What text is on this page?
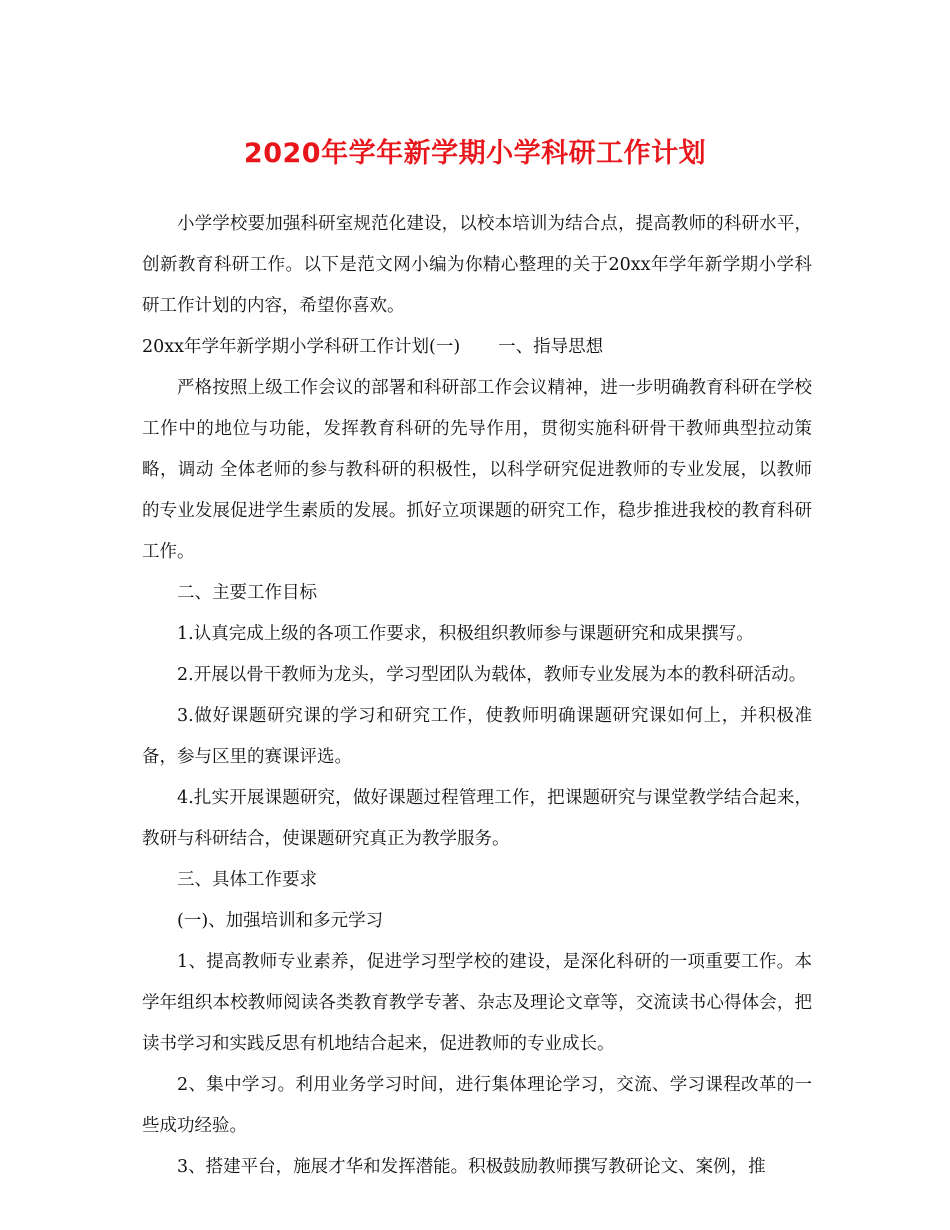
2020年学年新学期小学科研工作计划

小学学校要加强科研室规范化建设，以校本培训为结合点，提高教师的科研水平，创新教育科研工作。以下是范文网小编为你精心整理的关于20xx年学年新学期小学科研工作计划的内容，希望你喜欢。

20xx年学年新学期小学科研工作计划(一) 一、指导思想

严格按照上级工作会议的部署和科研部工作会议精神，进一步明确教育科研在学校工作中的地位与功能，发挥教育科研的先导作用，贯彻实施科研骨干教师典型拉动策略，调动 全体老师的参与教科研的积极性，以科学研究促进教师的专业发展，以教师的专业发展促进学生素质的发展。抓好立项课题的研究工作，稳步推进我校的教育科研工作。

二、主要工作目标

1.认真完成上级的各项工作要求，积极组织教师参与课题研究和成果撰写。

2.开展以骨干教师为龙头，学习型团队为载体，教师专业发展为本的教科研活动。

3.做好课题研究课的学习和研究工作，使教师明确课题研究课如何上，并积极准备，参与区里的赛课评选。

4.扎实开展课题研究，做好课题过程管理工作，把课题研究与课堂教学结合起来，教研与科研结合，使课题研究真正为教学服务。

三、具体工作要求

(一)、加强培训和多元学习

1、提高教师专业素养，促进学习型学校的建设，是深化科研的一项重要工作。本学年组织本校教师阅读各类教育教学专著、杂志及理论文章等，交流读书心得体会，把读书学习和实践反思有机地结合起来，促进教师的专业成长。

2、集中学习。利用业务学习时间，进行集体理论学习，交流、学习课程改革的一些成功经验。

3、搭建平台，施展才华和发挥潜能。积极鼓励教师撰写教研论文、案例，推
